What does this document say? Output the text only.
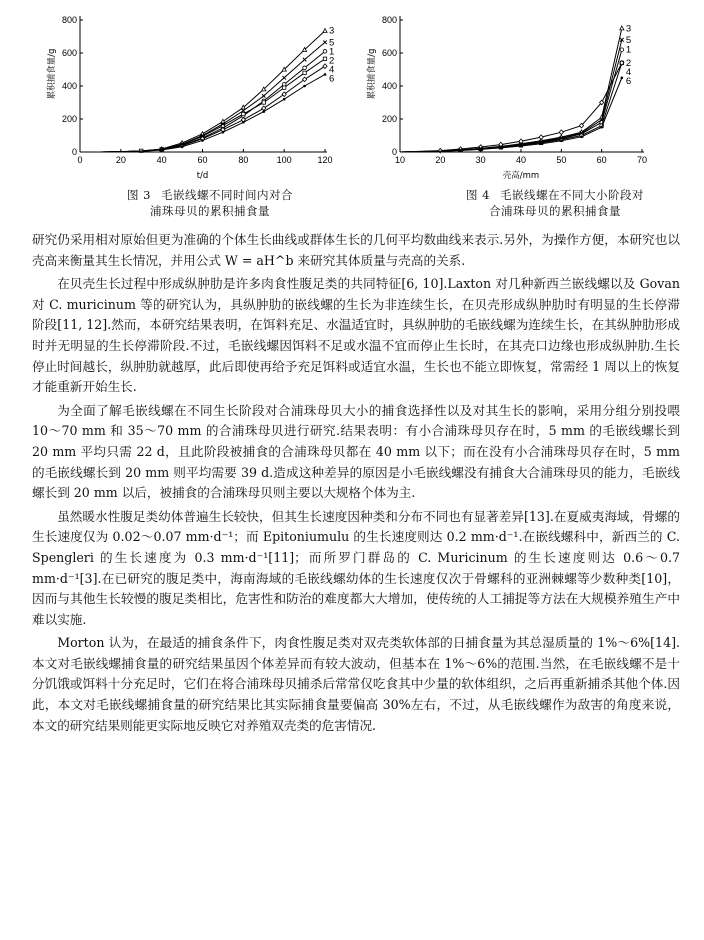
0	20	40	60	80	100	120
0
200
400
600
800
t/d
累积捕食量/g	1
2
3
4
5
6
10	20	30	40	50	60	70
0
200
400
600
800
壳高/mm
累积捕食量/g	1
2
3
4
5
6
图 3 毛嵌线螺不同时间内对合
浦珠母贝的累积捕食量
图 4 毛嵌线螺在不同大小阶段对
合浦珠母贝的累积捕食量

研究仍采用相对原始但更为准确的个体生长曲线或群体生长的几何平均数曲线来表示.另外，为操作方便，本研究也以壳高来衡量其生长情况，并用公式 W = aH^b 来研究其体质量与壳高的关系.

在贝壳生长过程中形成纵肿肋是许多肉食性腹足类的共同特征[6, 10].Laxton 对几种新西兰嵌线螺以及 Govan 对 C. muricinum 等的研究认为，具纵肿肋的嵌线螺的生长为非连续生长，在贝壳形成纵肿肋时有明显的生长停滞阶段[11, 12].然而，本研究结果表明，在饵料充足、水温适宜时，具纵肿肋的毛嵌线螺为连续生长，在其纵肿肋形成时并无明显的生长停滞阶段.不过，毛嵌线螺因饵料不足或水温不宜而停止生长时，在其壳口边缘也形成纵肿肋.生长停止时间越长，纵肿肋就越厚，此后即使再给予充足饵料或适宜水温，生长也不能立即恢复，常需经 1 周以上的恢复才能重新开始生长.

为全面了解毛嵌线螺在不同生长阶段对合浦珠母贝大小的捕食选择性以及对其生长的影响，采用分组分别投喂 10～70 mm 和 35～70 mm 的合浦珠母贝进行研究.结果表明：有小合浦珠母贝存在时，5 mm 的毛嵌线螺长到 20 mm 平均只需 22 d，且此阶段被捕食的合浦珠母贝都在 40 mm 以下；而在没有小合浦珠母贝存在时，5 mm 的毛嵌线螺长到 20 mm 则平均需要 39 d.造成这种差异的原因是小毛嵌线螺没有捕食大合浦珠母贝的能力，毛嵌线螺长到 20 mm 以后，被捕食的合浦珠母贝则主要以大规格个体为主.

虽然暖水性腹足类幼体普遍生长较快，但其生长速度因种类和分布不同也有显著差异[13].在夏威夷海域，骨螺的生长速度仅为 0.02～0.07 mm·d⁻¹；而 Epitoniumulu 的生长速度则达 0.2 mm·d⁻¹.在嵌线螺科中，新西兰的 C. Spengleri 的生长速度为 0.3 mm·d⁻¹[11]；而所罗门群岛的 C. Muricinum 的生长速度则达 0.6～0.7 mm·d⁻¹[3].在已研究的腹足类中，海南海域的毛嵌线螺幼体的生长速度仅次于骨螺科的亚洲棘螺等少数种类[10]，因而与其他生长较慢的腹足类相比，危害性和防治的难度都大大增加，使传统的人工捕捉等方法在大规模养殖生产中难以实施.

Morton 认为，在最适的捕食条件下，肉食性腹足类对双壳类软体部的日捕食量为其总湿质量的 1%～6%[14].本文对毛嵌线螺捕食量的研究结果虽因个体差异而有较大波动，但基本在 1%～6%的范围.当然，在毛嵌线螺不是十分饥饿或饵料十分充足时，它们在将合浦珠母贝捕杀后常常仅吃食其中少量的软体组织，之后再重新捕杀其他个体.因此，本文对毛嵌线螺捕食量的研究结果比其实际捕食量要偏高 30%左右，不过，从毛嵌线螺作为敌害的角度来说，本文的研究结果则能更实际地反映它对养殖双壳类的危害情况.
